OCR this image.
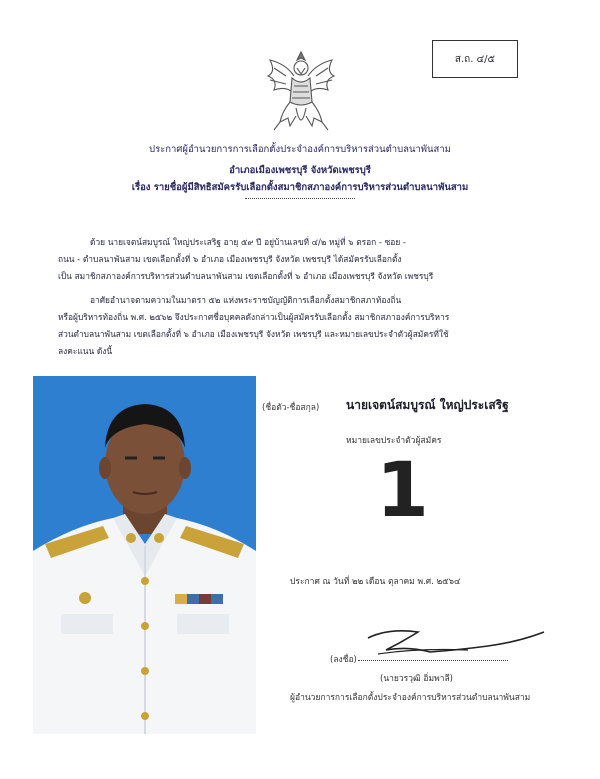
ส.ถ. ๔/๕
ประกาศผู้อำนวยการการเลือกตั้งประจำองค์การบริหารส่วนตำบลนาพันสาม
อำเภอเมืองเพชรบุรี จังหวัดเพชรบุรี
เรื่อง รายชื่อผู้มีสิทธิสมัครรับเลือกตั้งสมาชิกสภาองค์การบริหารส่วนตำบลนาพันสาม
ด้วย นายเจตน์สมบูรณ์ ใหญ่ประเสริฐ อายุ ๕๙ ปี อยู่บ้านเลขที่ ๔/๒ หมู่ที่ ๖ ตรอก - ซอย -
ถนน - ตำบลนาพันสาม เขตเลือกตั้งที่ ๖ อำเภอ เมืองเพชรบุรี จังหวัด เพชรบุรี ได้สมัครรับเลือกตั้ง
เป็น สมาชิกสภาองค์การบริหารส่วนตำบลนาพันสาม เขตเลือกตั้งที่ ๖ อำเภอ เมืองเพชรบุรี จังหวัด เพชรบุรี
อาศัยอำนาจตามความในมาตรา ๕๒ แห่งพระราชบัญญัติการเลือกตั้งสมาชิกสภาท้องถิ่น
หรือผู้บริหารท้องถิ่น พ.ศ. ๒๕๖๒ จึงประกาศชื่อบุคคลดังกล่าวเป็นผู้สมัครรับเลือกตั้ง สมาชิกสภาองค์การบริหาร
ส่วนตำบลนาพันสาม เขตเลือกตั้งที่ ๖ อำเภอ เมืองเพชรบุรี จังหวัด เพชรบุรี และหมายเลขประจำตัวผู้สมัครที่ใช้
ลงคะแนน ดังนี้
(ชื่อตัว-ชื่อสกุล) นายเจตน์สมบูรณ์ ใหญ่ประเสริฐ
หมายเลขประจำตัวผู้สมัคร
1
ประกาศ ณ วันที่ ๒๒ เดือน ตุลาคม พ.ศ. ๒๕๖๔
(ลงชื่อ)
(นายวรวุฒิ อิ่มพาลี)
ผู้อำนวยการการเลือกตั้งประจำองค์การบริหารส่วนตำบลนาพันสาม
